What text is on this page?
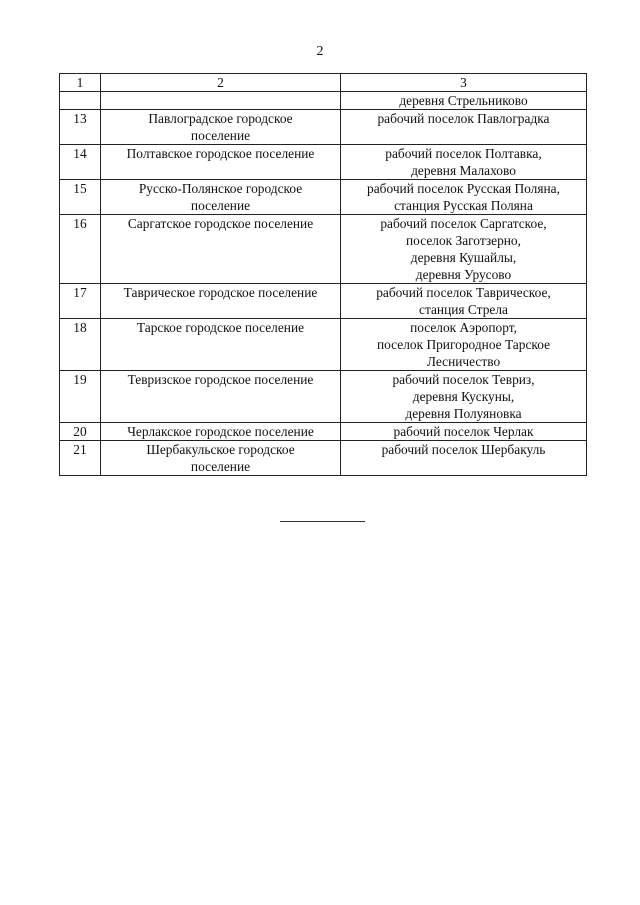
2
1	2	3

		деревня Стрельниково

13	Павлоградское городское
поселение	рабочий поселок Павлоградка

14	Полтавское городское поселение	рабочий поселок Полтавка,
деревня Малахово

15	Русско-Полянское городское
поселение	рабочий поселок Русская Поляна,
станция Русская Поляна

16	Саргатское городское поселение	рабочий поселок Саргатское,
поселок Заготзерно,
деревня Кушайлы,
деревня Урусово

17	Таврическое городское поселение	рабочий поселок Таврическое,
станция Стрела

18	Тарское городское поселение	поселок Аэропорт,
поселок Пригородное Тарское
Лесничество

19	Тевризское городское поселение	рабочий поселок Тевриз,
деревня Кускуны,
деревня Полуяновка

20	Черлакское городское поселение	рабочий поселок Черлак

21	Шербакульское городское
поселение	рабочий поселок Шербакуль
